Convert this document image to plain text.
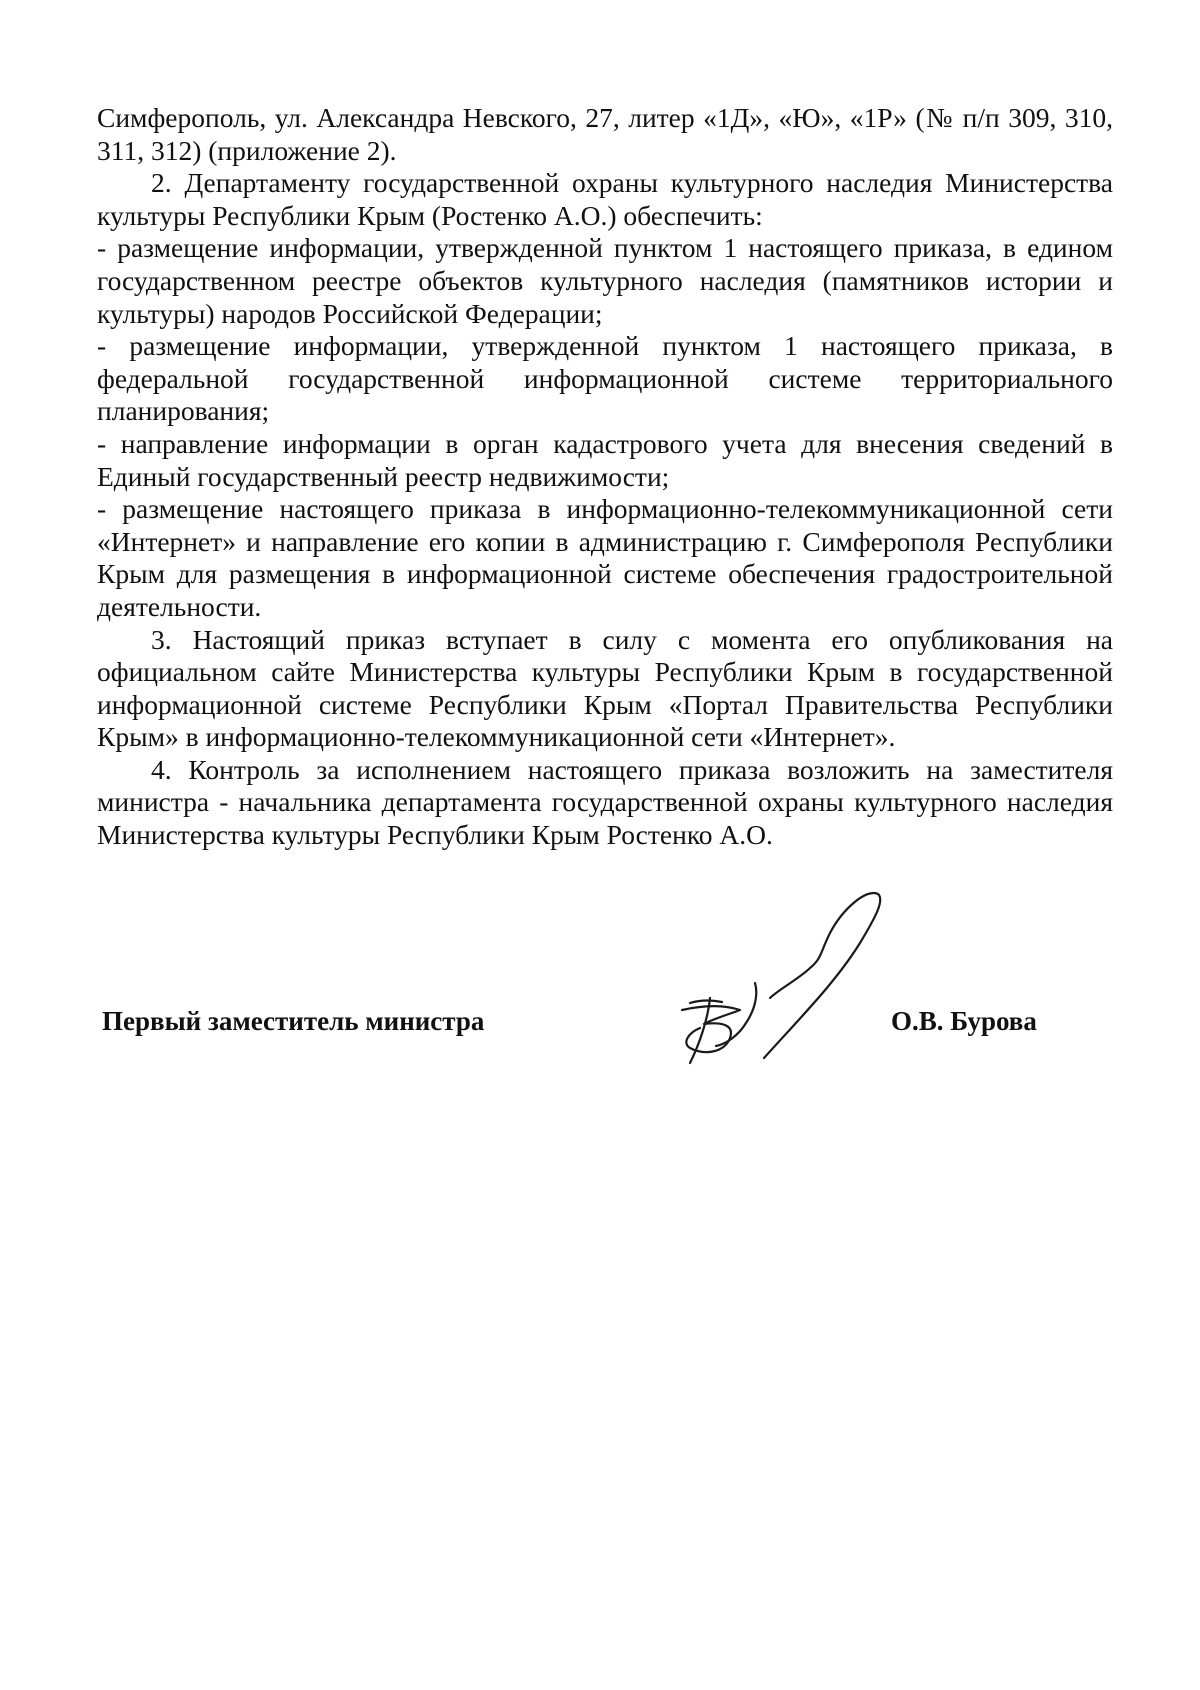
Симферополь, ул. Александра Невского, 27, литер «1Д», «Ю», «1Р» (№ п/п 309, 310, 311, 312) (приложение 2).

2. Департаменту государственной охраны культурного наследия Министерства культуры Республики Крым (Ростенко А.О.) обеспечить:

- размещение информации, утвержденной пунктом 1 настоящего приказа, в едином государственном реестре объектов культурного наследия (памятников истории и культуры) народов Российской Федерации;

- размещение информации, утвержденной пунктом 1 настоящего приказа, в федеральной государственной информационной системе территориального планирования;

- направление информации в орган кадастрового учета для внесения сведений в Единый государственный реестр недвижимости;

- размещение настоящего приказа в информационно-телекоммуникационной сети «Интернет» и направление его копии в администрацию г. Симферополя Республики Крым для размещения в информационной системе обеспечения градостроительной деятельности.

3. Настоящий приказ вступает в силу с момента его опубликования на официальном сайте Министерства культуры Республики Крым в государственной информационной системе Республики Крым «Портал Правительства Республики Крым» в информационно-телекоммуникационной сети «Интернет».

4. Контроль за исполнением настоящего приказа возложить на заместителя министра - начальника департамента государственной охраны культурного наследия Министерства культуры Республики Крым Ростенко А.О.

Первый заместитель министра	О.В. Бурова
